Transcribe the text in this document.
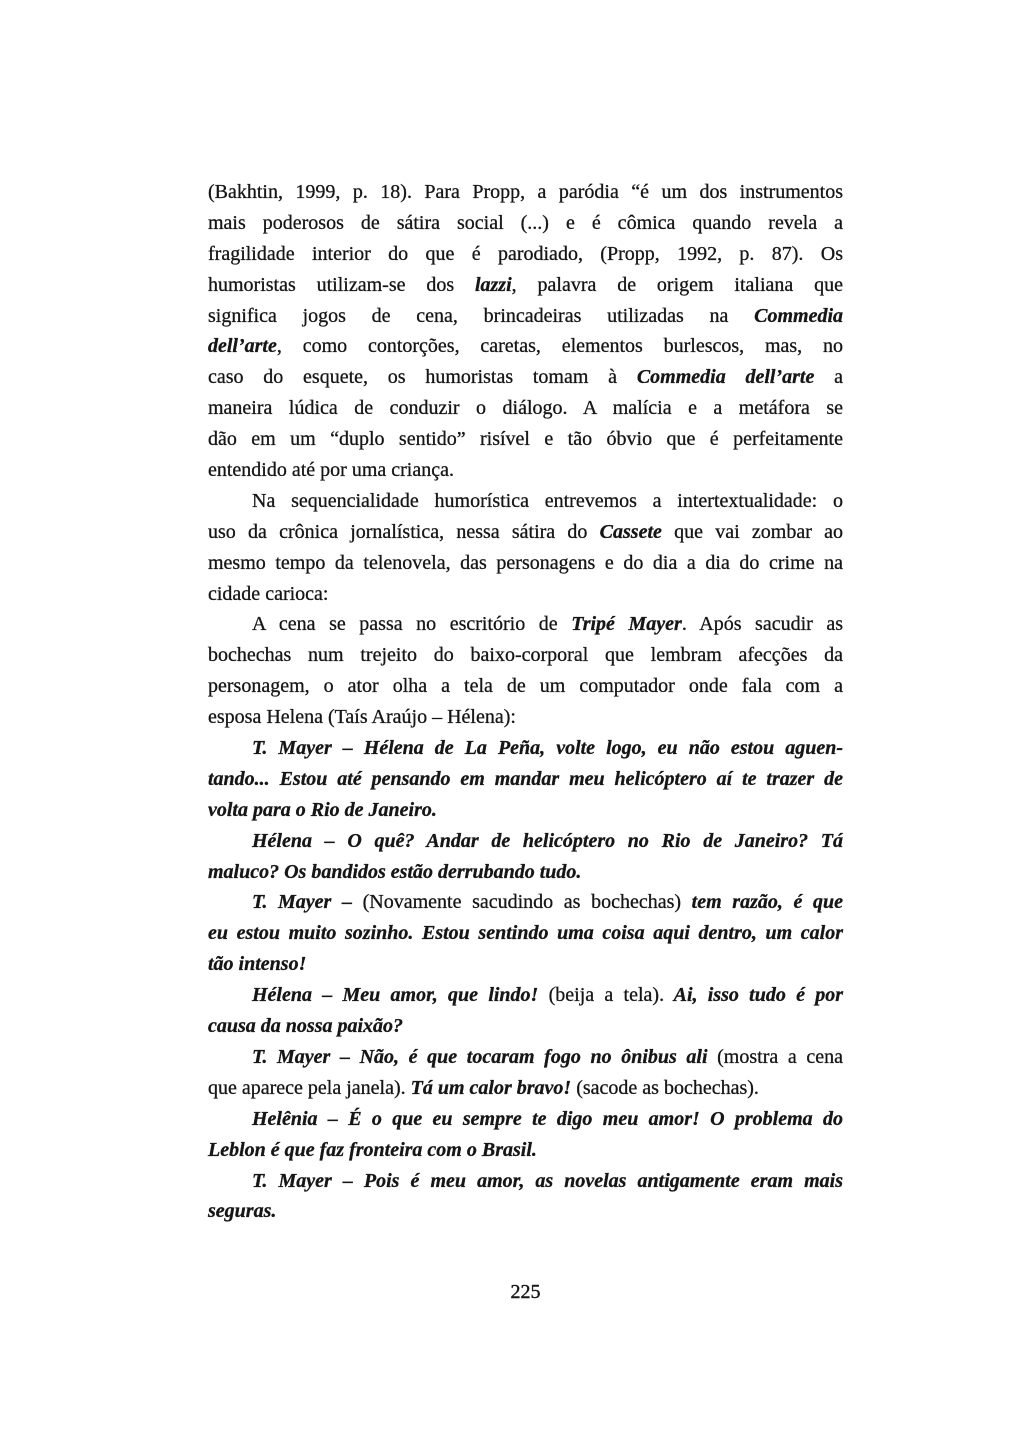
(Bakhtin, 1999, p. 18). Para Propp, a paródia “é um dos instrumentos
mais poderosos de sátira social (...) e é cômica quando revela a
fragilidade interior do que é parodiado, (Propp, 1992, p. 87). Os
humoristas utilizam-se dos lazzi, palavra de origem italiana que
significa jogos de cena, brincadeiras utilizadas na Commedia
dell’arte, como contorções, caretas, elementos burlescos, mas, no
caso do esquete, os humoristas tomam à Commedia dell’arte a
maneira lúdica de conduzir o diálogo. A malícia e a metáfora se
dão em um “duplo sentido” risível e tão óbvio que é perfeitamente
entendido até por uma criança.
Na sequencialidade humorística entrevemos a intertextualidade: o
uso da crônica jornalística, nessa sátira do Cassete que vai zombar ao
mesmo tempo da telenovela, das personagens e do dia a dia do crime na
cidade carioca:
A cena se passa no escritório de Tripé Mayer. Após sacudir as
bochechas num trejeito do baixo-corporal que lembram afecções da
personagem, o ator olha a tela de um computador onde fala com a
esposa Helena (Taís Araújo – Hélena):
T. Mayer – Hélena de La Peña, volte logo, eu não estou aguen-
tando... Estou até pensando em mandar meu helicóptero aí te trazer de
volta para o Rio de Janeiro.
Hélena – O quê? Andar de helicóptero no Rio de Janeiro? Tá
maluco? Os bandidos estão derrubando tudo.
T. Mayer – (Novamente sacudindo as bochechas) tem razão, é que
eu estou muito sozinho. Estou sentindo uma coisa aqui dentro, um calor
tão intenso!
Hélena – Meu amor, que lindo! (beija a tela). Ai, isso tudo é por
causa da nossa paixão?
T. Mayer – Não, é que tocaram fogo no ônibus ali (mostra a cena
que aparece pela janela). Tá um calor bravo! (sacode as bochechas).
Helênia – É o que eu sempre te digo meu amor! O problema do
Leblon é que faz fronteira com o Brasil.
T. Mayer – Pois é meu amor, as novelas antigamente eram mais
seguras.
225
